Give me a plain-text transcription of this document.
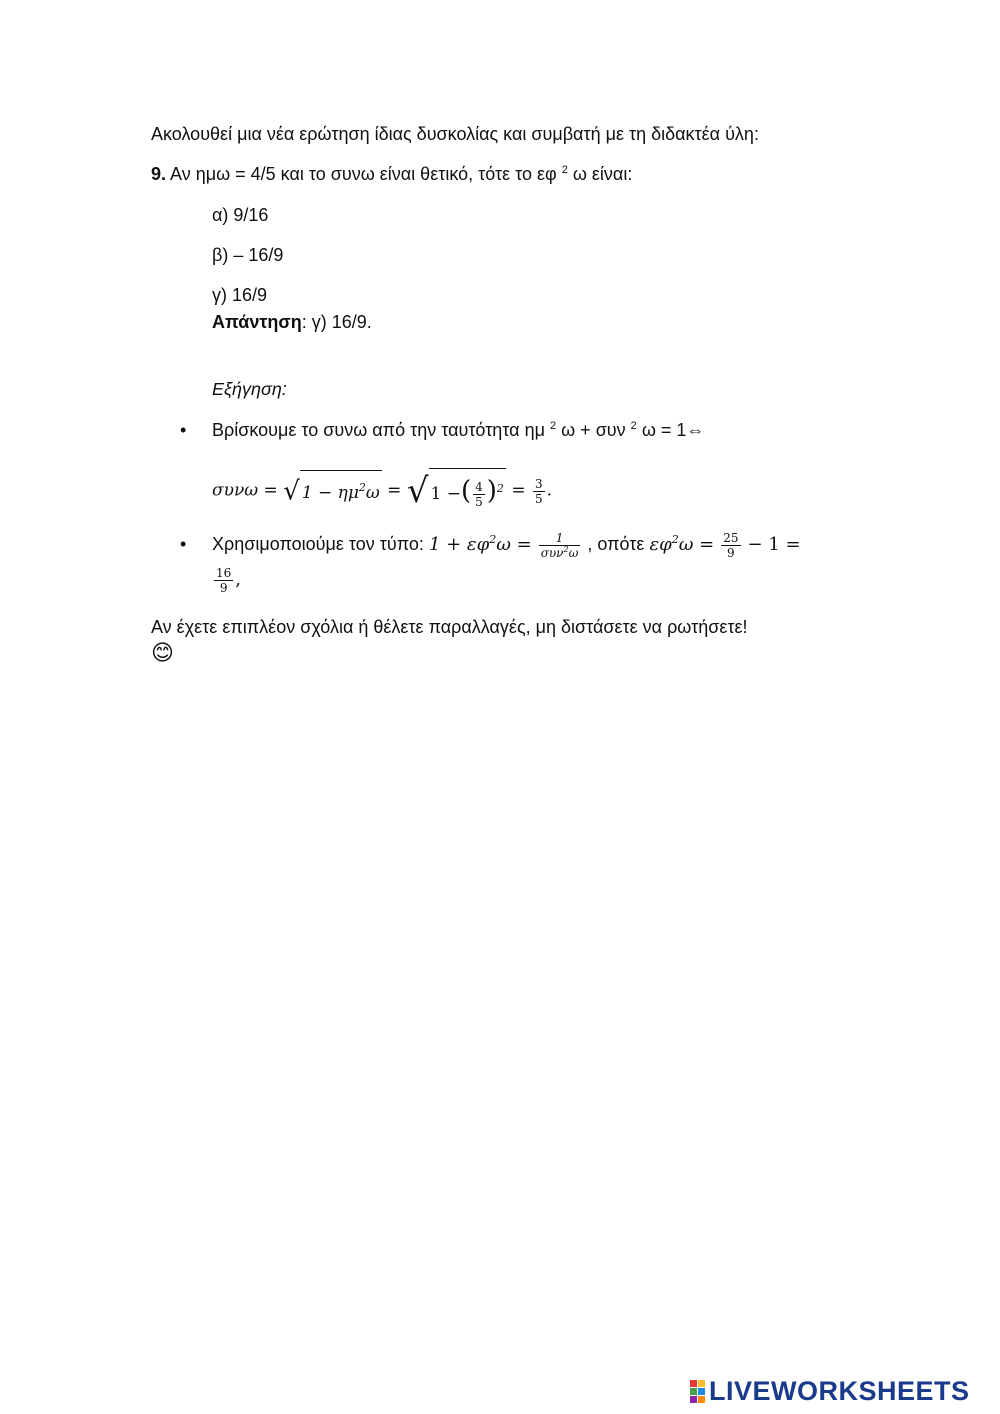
Ακολουθεί μια νέα ερώτηση ίδιας δυσκολίας και συμβατή με τη διδακτέα ύλη:
9. Αν ημω = 4/5 και το συνω είναι θετικό, τότε το εφ $^2$ ω είναι:
α) 9/16
β) – 16/9
γ) 16/9
Απάντηση: γ) 16/9.
Εξήγηση:
• Βρίσκουμε το συνω από την ταυτότητα ημ $^2$ ω + συν $^2$ ω = 1⇔
συνω = √ $1 - \eta\mu^2\omega$ = √ 1 −( $\frac{4}{5} )^2 = \frac{3}{5}$ .
• Χρησιμοποιούμε τον τύπο: $1 + \varepsilon\varphi^2\omega = \frac{1}{\sigma\upsilon\nu^2\omega}$ , οπότε $\varepsilon\varphi^2\omega = \frac{25}{9} - 1$ =
$\frac{16}{9}$ ,
Αν έχετε επιπλέον σχόλια ή θέλετε παραλλαγές, μη διστάσετε να ρωτήσετε!
😊
LIVEWORKSHEETS
